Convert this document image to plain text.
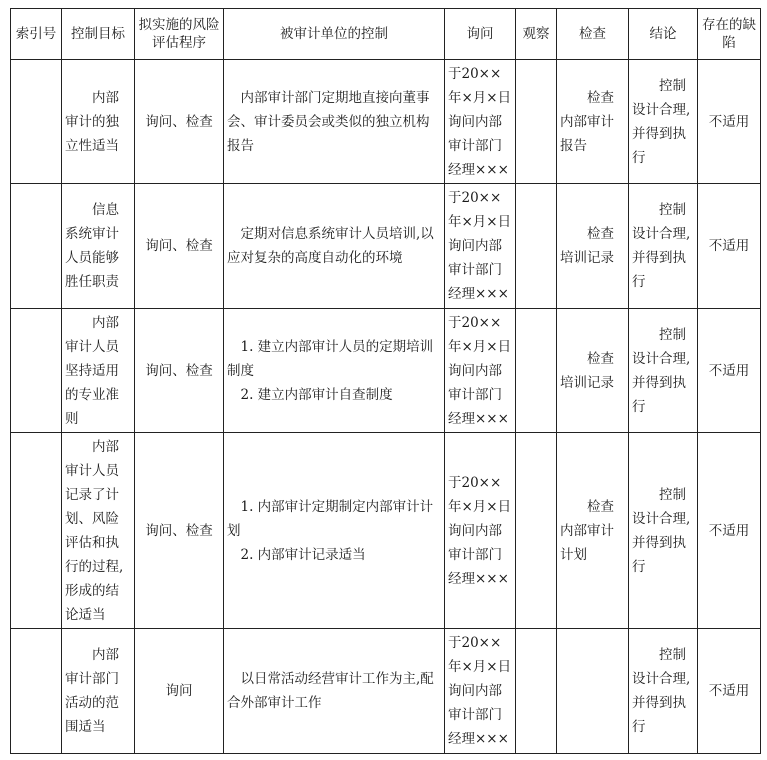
索引号	控制目标	拟实施的风险评估程序	被审计单位的控制	询问	观察	检查	结论	存在的缺陷
	内部审计的独立性适当	询问、检查	内部审计部门定期地直接向董事会、审计委员会或类似的独立机构报告	于20××
年×月×日
询问内部
审计部门
经理×××		检查内部审计报告	控制设计合理,并得到执行	不适用
	信息系统审计人员能够胜任职责	询问、检查	定期对信息系统审计人员培训,以应对复杂的高度自动化的环境	于20××
年×月×日
询问内部
审计部门
经理×××		检查培训记录	控制设计合理,并得到执行	不适用
	内部审计人员坚持适用的专业准则	询问、检查	1. 建立内部审计人员的定期培训制度
2. 建立内部审计自查制度	于20××
年×月×日
询问内部
审计部门
经理×××		检查培训记录	控制设计合理,并得到执行	不适用
	内部审计人员记录了计划、风险评估和执行的过程,形成的结论适当	询问、检查	1. 内部审计定期制定内部审计计划
2. 内部审计记录适当	于20××
年×月×日
询问内部
审计部门
经理×××		检查内部审计计划	控制设计合理,并得到执行	不适用
	内部审计部门活动的范围适当	询问	以日常活动经营审计工作为主,配合外部审计工作	于20××
年×月×日
询问内部
审计部门
经理×××			控制设计合理,并得到执行	不适用
